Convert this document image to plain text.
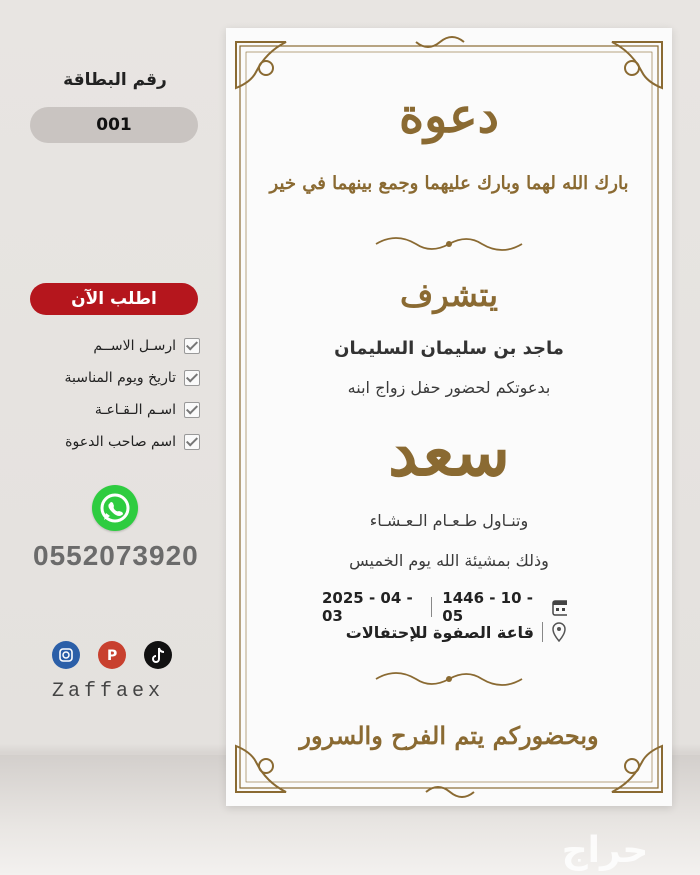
رقم البطاقة
001
اطلب الآن
ارسـل الاســم
تاريخ ويوم المناسبة
اسـم الـقـاعـة
اسم صاحب الدعوة
0552073920
P
Zaffaex
دعوة
بارك الله لهما وبارك عليهما وجمع بينهما في خير
يتشرف
ماجد بن سليمان السليمان
بدعوتكم لحضور حفل زواج ابنه
سعد
وتنـاول طـعـام الـعـشـاء
وذلك بمشيئة الله يوم الخميس
1446 - 10 - 05
2025 - 04 - 03
قاعة الصفوة للإحتفالات
وبحضوركم يتم الفرح والسرور
حراج
